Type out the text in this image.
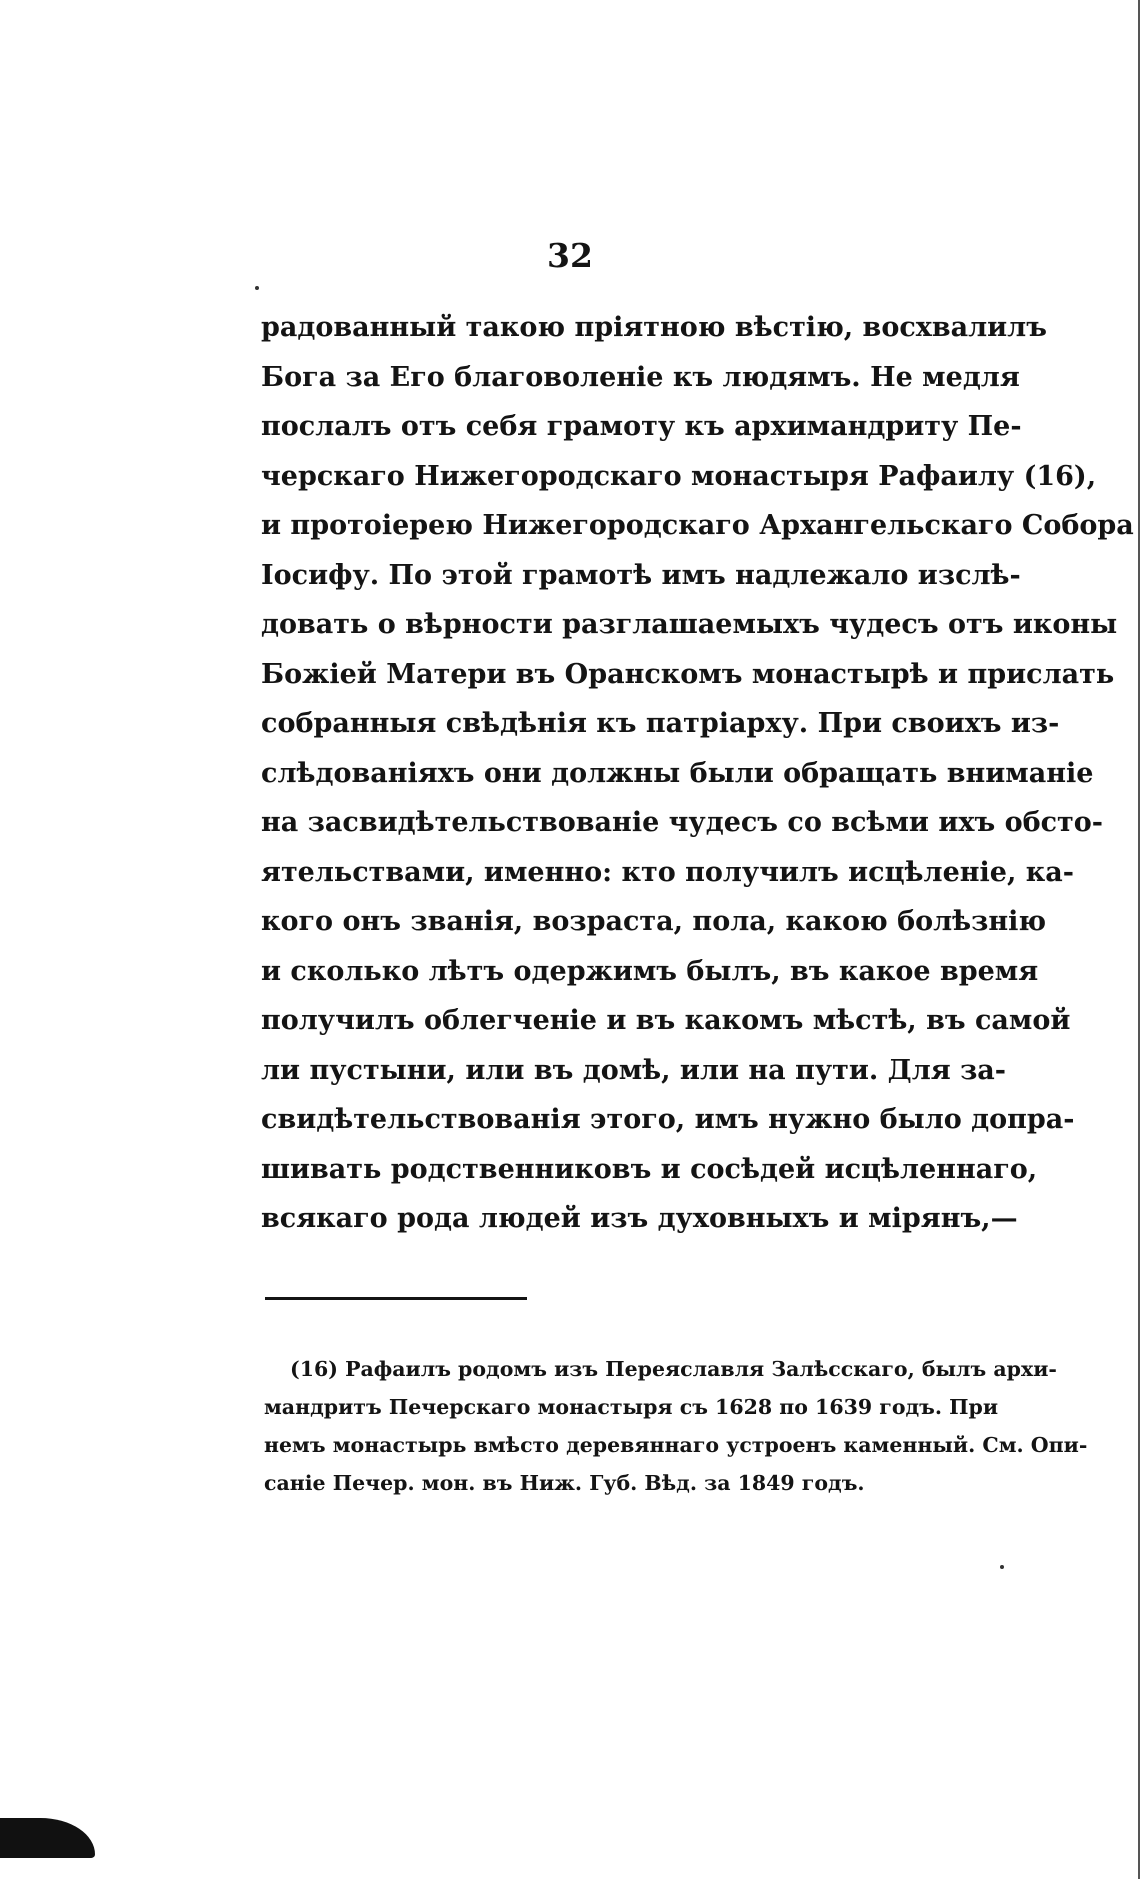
32
радованный такою прiятною вѣстiю, восхвалилъ
Бога за Его благоволенiе къ людямъ. Не медля
послалъ отъ себя грамоту къ архимандриту Пе-
черскаго Нижегородскаго монастыря Рафаилу (16),
и протоiерею Нижегородскаго Архангельскаго Собора
Iосифу. По этой грамотѣ имъ надлежало изслѣ-
довать о вѣрности разглашаемыхъ чудесъ отъ иконы
Божiей Матери въ Оранскомъ монастырѣ и прислать
собранныя свѣдѣнiя къ патрiарху. При своихъ из-
слѣдованiяхъ они должны были обращать вниманiе
на засвидѣтельствованiе чудесъ со всѣми ихъ обсто-
ятельствами, именно: кто получилъ исцѣленiе, ка-
кого онъ званiя, возраста, пола, какою болѣзнiю
и сколько лѣтъ одержимъ былъ, въ какое время
получилъ облегченiе и въ какомъ мѣстѣ, въ самой
ли пустыни, или въ домѣ, или на пути. Для за-
свидѣтельствованiя этого, имъ нужно было допра-
шивать родственниковъ и сосѣдей исцѣленнаго,
всякаго рода людей изъ духовныхъ и мiрянъ,—
(16) Рафаилъ родомъ изъ Переяславля Залѣсскаго, былъ архи-
мандритъ Печерскаго монастыря съ 1628 по 1639 годъ. При
немъ монастырь вмѣсто деревяннаго устроенъ каменный. См. Опи-
санiе Печер. мон. въ Ниж. Губ. Вѣд. за 1849 годъ.
